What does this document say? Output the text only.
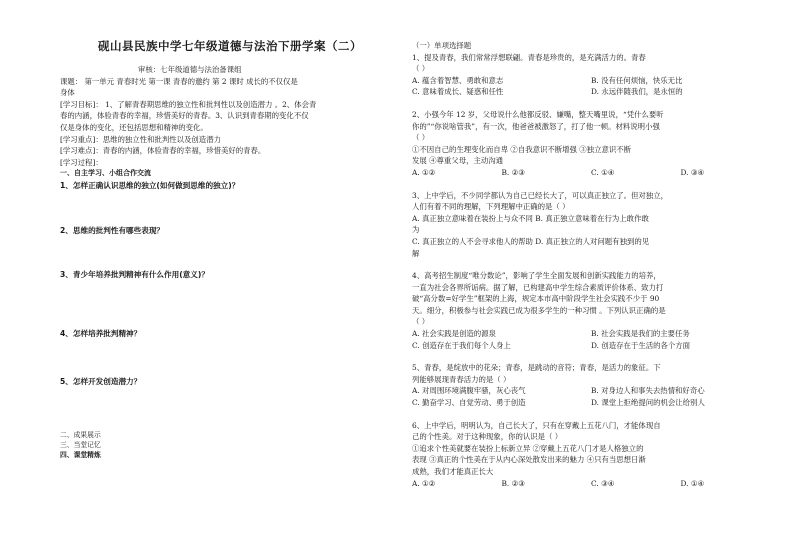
砚山县民族中学七年级道德与法治下册学案（二）
审核：七年级道德与法治备课组
课题： 第一单元 青春时光 第一课 青春的邀约 第 2 课时 成长的不仅仅是
身体
[学习目标]： 1、了解青春期思维的独立性和批判性以及创造潜力 。2、体会青
春的内涵，体验青春的幸福，珍惜美好的青春。3、认识到青春期的变化不仅
仅是身体的变化，还包括思想和精神的变化。
[学习重点]：思维的独立性和批判性以及创造潜力
[学习难点]：青春的内涵，体验青春的幸福，珍惜美好的青春。
[学习过程]：
一、自主学习、小组合作交流
1、怎样正确认识思维的独立(如何做到思维的独立)？
2、思维的批判性有哪些表现？
3、青少年培养批判精神有什么作用(意义)？
4、怎样培养批判精神？
5、怎样开发创造潜力？
二、成果展示
三、当堂记忆
四、课堂精炼
（一）单项选择题
1、提及青春，我们常常浮想联翩。青春是珍贵的，是充满活力的。青春
（ ）
A. 蕴含着智慧、勇敢和意志	B. 没有任何烦恼，快乐无比
C. 意味着成长、疑惑和任性	D. 永远伴随我们，是永恒的
2、小强今年 12 岁，父母说什么他都反驳、嫌嘴，整天嘴里说，“凭什么要听
你的”“你说啥管我”，有一次，他爸爸被激怒了，打了他一顿。材料说明小强
（ ）
①不因自己的生理变化而自卑 ②自我意识不断增强 ③独立意识不断
发展 ④尊重父母，主动沟通
A. ①②	B. ②③	C. ①④	D. ③④
3、上中学后，不少同学都认为自己已经长大了，可以真正独立了。但对独立，
人们有着不同的理解，下列理解中正确的是（ ）
A. 真正独立意味着在装扮上与众不同 B. 真正独立意味着在行为上敢作敢
为
C. 真正独立的人不会寻求他人的帮助 D. 真正独立的人对问题有独到的见
解
4、高考招生制度“唯分数论”，影响了学生全面发展和创新实践能力的培养，
一直为社会各界所诟病。据了解，已构建高中学生综合素质评价体系、致力打
破“高分数=好学生”框架的上海，规定本市高中阶段学生社会实践不少于 90
天。细分，积极参与社会实践已成为很多学生的一种习惯 。下列认识正确的是
（ ）
A. 社会实践是创造的源泉	B. 社会实践是我们的主要任务
C. 创造存在于我们每个人身上	D. 创造存在于生活的各个方面
5、青春，是绽放中的花朵；青春，是跳动的音符；青春，是活力的象征。下
列能够展现青春活力的是（ ）
A. 对周围环境满腹牢骚，灰心丧气	B. 对身边人和事失去热情和好奇心
C. 勤奋学习、自觉劳动、勇于创造	D. 课堂上拒绝提问的机会让给别人
6、上中学后，明明认为，自己长大了，只有在穿戴上五花八门，才能体现自
己的个性美。对于这种现象，你的认识是（ ）
①追求个性美就要在装扮上标新立异 ②穿戴上五花八门才是人格独立的
表现 ③真正的个性美在于从内心深处散发出来的魅力 ④只有当思想日渐
成熟，我们才能真正长大
A. ①②	B. ②③	C. ③④	D. ①④
